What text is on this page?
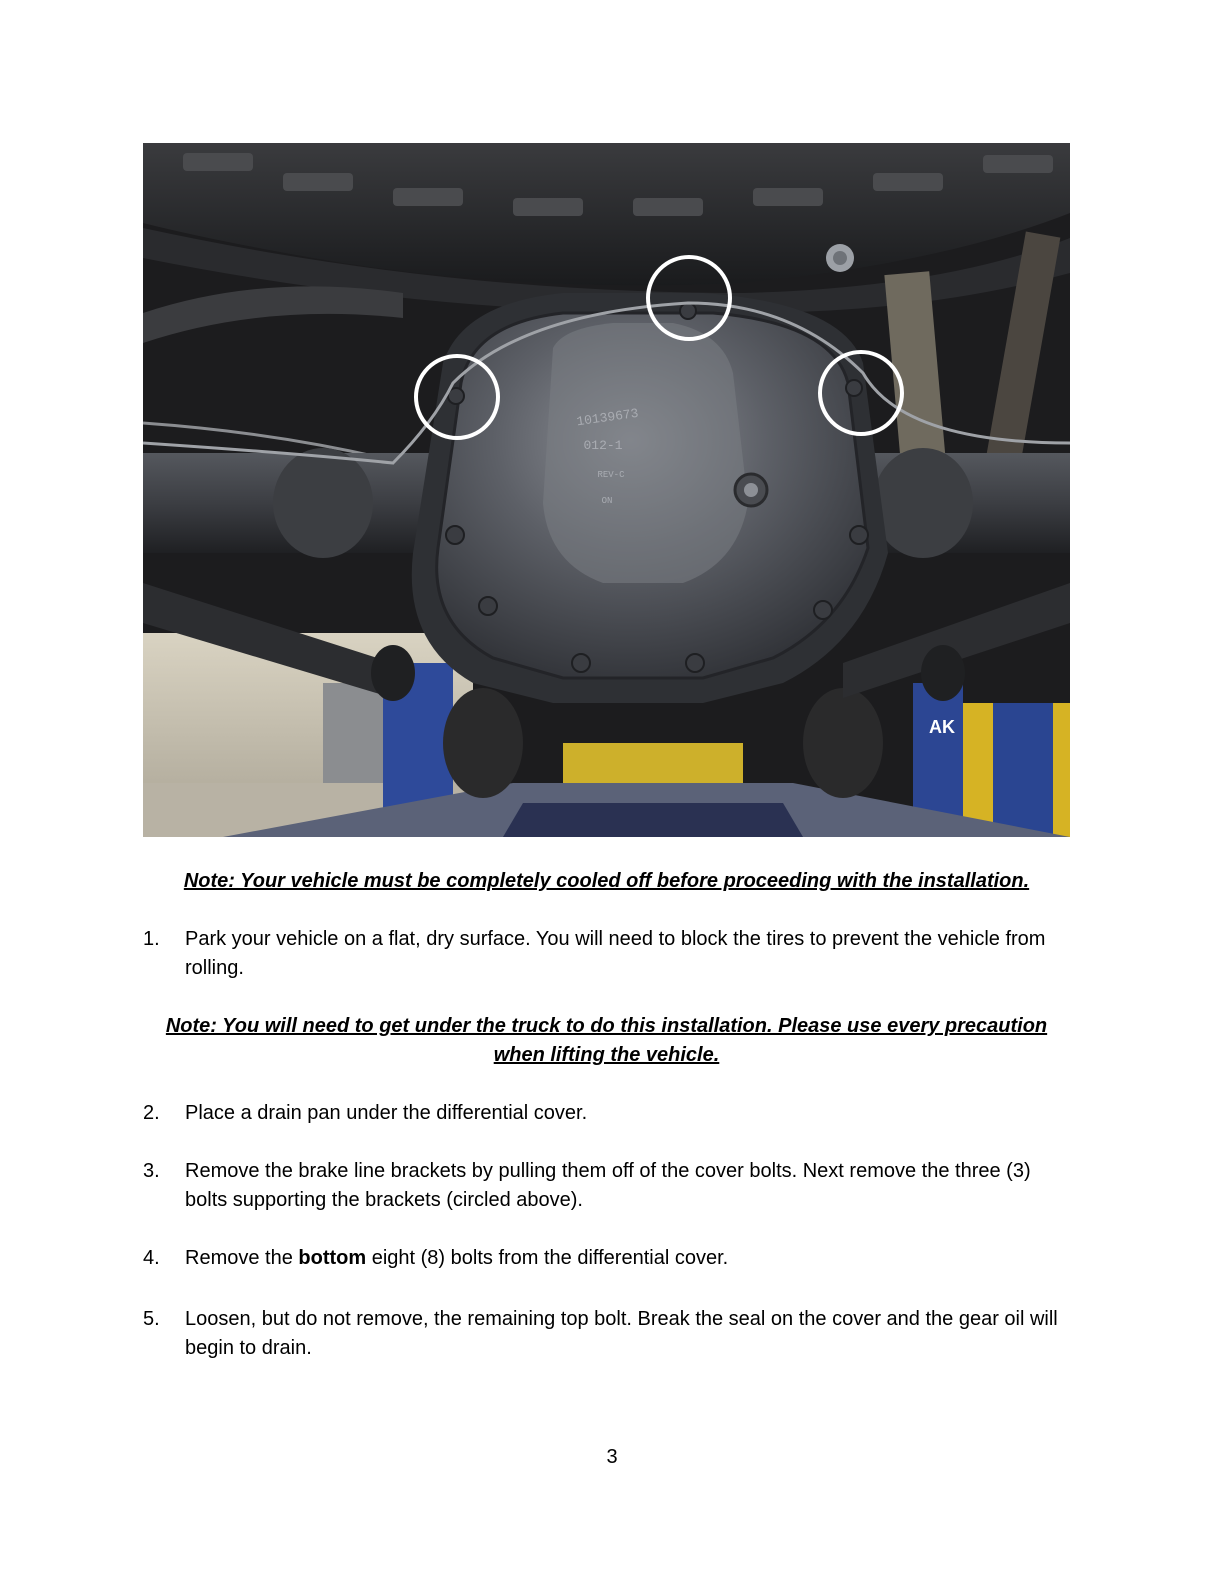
AK
10139673
012-1
REV-C
ON
Note: Your vehicle must be completely cooled off before proceeding with the installation.
1.	Park your vehicle on a flat, dry surface. You will need to block the tires to prevent the vehicle from rolling.
Note: You will need to get under the truck to do this installation. Please use every precaution when lifting the vehicle.
2.	Place a drain pan under the differential cover.
3.	Remove the brake line brackets by pulling them off of the cover bolts. Next remove the three (3) bolts supporting the brackets (circled above).
4.	Remove the bottom eight (8) bolts from the differential cover.
5.	Loosen, but do not remove, the remaining top bolt. Break the seal on the cover and the gear oil will begin to drain.
3
